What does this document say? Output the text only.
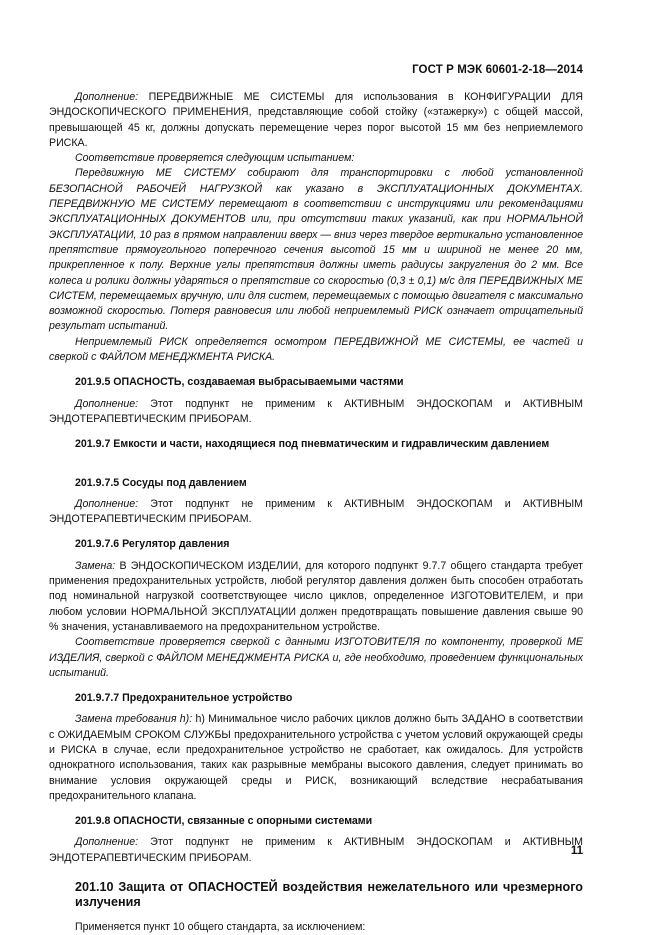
ГОСТ Р МЭК 60601-2-18—2014

Дополнение: ПЕРЕДВИЖНЫЕ МЕ СИСТЕМЫ для использования в КОНФИГУРАЦИИ ДЛЯ ЭНДОСКОПИЧЕСКОГО ПРИМЕНЕНИЯ, представляющие собой стойку («этажерку») с общей массой, превышающей 45 кг, должны допускать перемещение через порог высотой 15 мм без неприемлемого РИСКА.

Соответствие проверяется следующим испытанием:

Передвижную МЕ СИСТЕМУ собирают для транспортировки с любой установленной БЕЗОПАСНОЙ РАБОЧЕЙ НАГРУЗКОЙ как указано в ЭКСПЛУАТАЦИОННЫХ ДОКУМЕНТАХ. ПЕРЕДВИЖНУЮ МЕ СИСТЕМУ перемещают в соответствии с инструкциями или рекомендациями ЭКСПЛУАТАЦИОННЫХ ДОКУМЕНТОВ или, при отсутствии таких указаний, как при НОРМАЛЬНОЙ ЭКСПЛУАТАЦИИ, 10 раз в прямом направлении вверх — вниз через твердое вертикально установленное препятствие прямоугольного поперечного сечения высотой 15 мм и шириной не менее 20 мм, прикрепленное к полу. Верхние углы препятствия должны иметь радиусы закругления до 2 мм. Все колеса и ролики должны ударяться о препятствие со скоростью (0,3 ± 0,1) м/с для ПЕРЕДВИЖНЫХ МЕ СИСТЕМ, перемещаемых вручную, или для систем, перемещаемых с помощью двигателя с максимально возможной скоростью. Потеря равновесия или любой неприемлемый РИСК означает отрицательный результат испытаний.

Неприемлемый РИСК определяется осмотром ПЕРЕДВИЖНОЙ МЕ СИСТЕМЫ, ее частей и сверкой с ФАЙЛОМ МЕНЕДЖМЕНТА РИСКА.

201.9.5 ОПАСНОСТЬ, создаваемая выбрасываемыми частями

Дополнение: Этот подпункт не применим к АКТИВНЫМ ЭНДОСКОПАМ и АКТИВНЫМ ЭНДОТЕРАПЕВТИЧЕСКИМ ПРИБОРАМ.

201.9.7 Емкости и части, находящиеся под пневматическим и гидравлическим давлением
201.9.7.5 Сосуды под давлением

Дополнение: Этот подпункт не применим к АКТИВНЫМ ЭНДОСКОПАМ и АКТИВНЫМ ЭНДОТЕРАПЕВТИЧЕСКИМ ПРИБОРАМ.

201.9.7.6 Регулятор давления

Замена: В ЭНДОСКОПИЧЕСКОМ ИЗДЕЛИИ, для которого подпункт 9.7.7 общего стандарта требует применения предохранительных устройств, любой регулятор давления должен быть способен отработать под номинальной нагрузкой соответствующее число циклов, определенное ИЗГОТОВИТЕЛЕМ, и при любом условии НОРМАЛЬНОЙ ЭКСПЛУАТАЦИИ должен предотвращать повышение давления свыше 90 % значения, устанавливаемого на предохранительном устройстве.

Соответствие проверяется сверкой с данными ИЗГОТОВИТЕЛЯ по компоненту, проверкой МЕ ИЗДЕЛИЯ, сверкой с ФАЙЛОМ МЕНЕДЖМЕНТА РИСКА и, где необходимо, проведением функциональных испытаний.

201.9.7.7 Предохранительное устройство

Замена требования h): h) Минимальное число рабочих циклов должно быть ЗАДАНО в соответствии с ОЖИДАЕМЫМ СРОКОМ СЛУЖБЫ предохранительного устройства с учетом условий окружающей среды и РИСКА в случае, если предохранительное устройство не сработает, как ожидалось. Для устройств однократного использования, таких как разрывные мембраны высокого давления, следует принимать во внимание условия окружающей среды и РИСК, возникающий вследствие несрабатывания предохранительного клапана.

201.9.8 ОПАСНОСТИ, связанные с опорными системами

Дополнение: Этот подпункт не применим к АКТИВНЫМ ЭНДОСКОПАМ и АКТИВНЫМ ЭНДОТЕРАПЕВТИЧЕСКИМ ПРИБОРАМ.

201.10 Защита от ОПАСНОСТЕЙ воздействия нежелательного или чрезмерного излучения

Применяется пункт 10 общего стандарта, за исключением:

11
